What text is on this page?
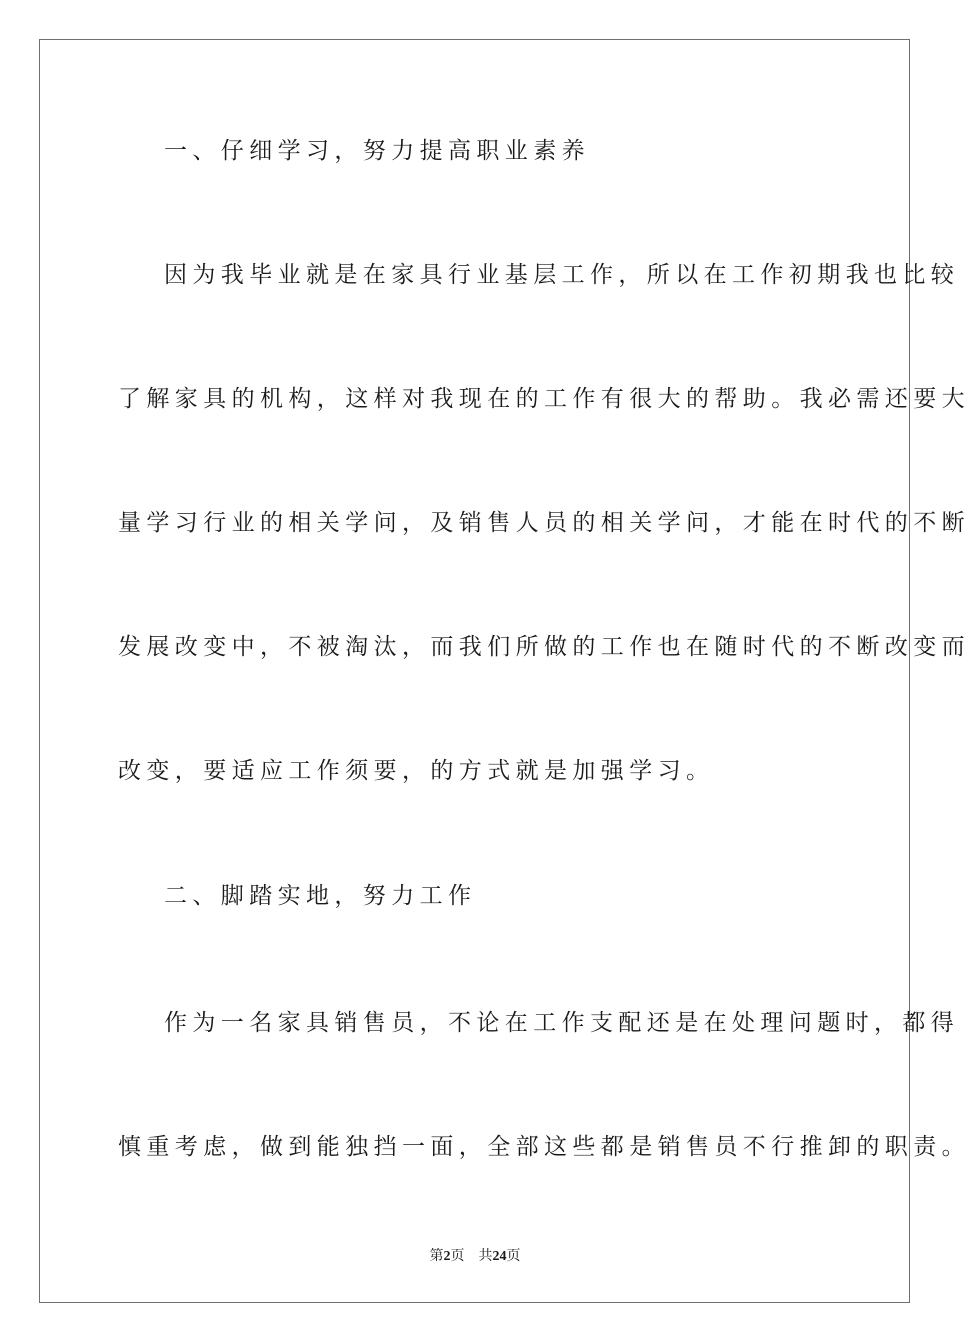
一、仔细学习，努力提高职业素养
因为我毕业就是在家具行业基层工作，所以在工作初期我也比较
了解家具的机构，这样对我现在的工作有很大的帮助。我必需还要大
量学习行业的相关学问，及销售人员的相关学问，才能在时代的不断
发展改变中，不被淘汰，而我们所做的工作也在随时代的不断改变而
改变，要适应工作须要，的方式就是加强学习。
二、脚踏实地，努力工作
作为一名家具销售员，不论在工作支配还是在处理问题时，都得
慎重考虑，做到能独挡一面，全部这些都是销售员不行推卸的职责。
第2页 共24页
